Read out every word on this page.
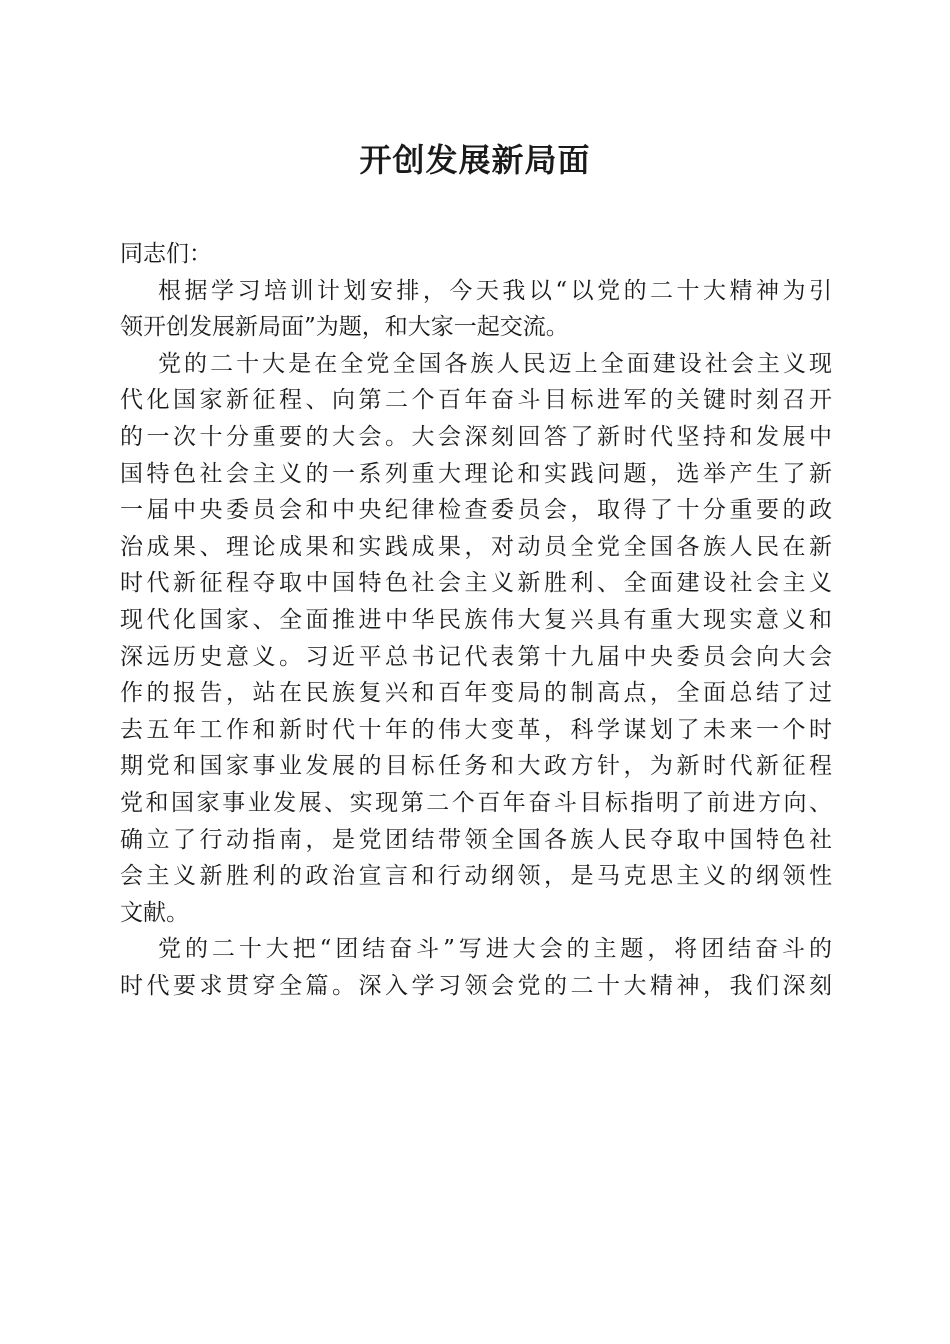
开创发展新局面
同志们：
根据学习培训计划安排，今天我以“以党的二十大精神为引
领开创发展新局面”为题，和大家一起交流。
党的二十大是在全党全国各族人民迈上全面建设社会主义现
代化国家新征程、向第二个百年奋斗目标进军的关键时刻召开
的一次十分重要的大会。大会深刻回答了新时代坚持和发展中
国特色社会主义的一系列重大理论和实践问题，选举产生了新
一届中央委员会和中央纪律检查委员会，取得了十分重要的政
治成果、理论成果和实践成果，对动员全党全国各族人民在新
时代新征程夺取中国特色社会主义新胜利、全面建设社会主义
现代化国家、全面推进中华民族伟大复兴具有重大现实意义和
深远历史意义。习近平总书记代表第十九届中央委员会向大会
作的报告，站在民族复兴和百年变局的制高点，全面总结了过
去五年工作和新时代十年的伟大变革，科学谋划了未来一个时
期党和国家事业发展的目标任务和大政方针，为新时代新征程
党和国家事业发展、实现第二个百年奋斗目标指明了前进方向、
确立了行动指南，是党团结带领全国各族人民夺取中国特色社
会主义新胜利的政治宣言和行动纲领，是马克思主义的纲领性
文献。
党的二十大把“团结奋斗”写进大会的主题，将团结奋斗的
时代要求贯穿全篇。深入学习领会党的二十大精神，我们深刻
